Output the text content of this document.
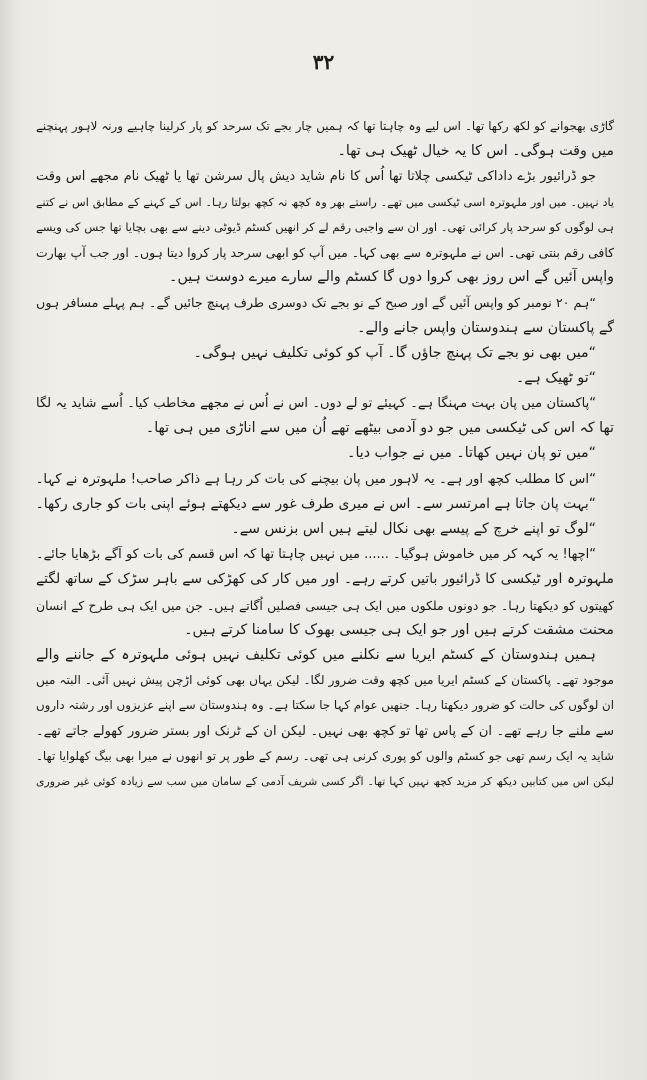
۳۲
گاڑی بھجوانے کو لکھ رکھا تھا۔ اس لیے وہ چاہتا تھا کہ ہمیں چار بجے تک سرحد کو پار کرلینا چاہیے ورنہ لاہور پہنچنے
میں وقت ہوگی۔ اس کا یہ خیال ٹھیک ہی تھا۔
جو ڈرائیور بڑے داداکی ٹیکسی چلاتا تھا اُس کا نام شاید دیش پال سرشن تھا یا ٹھیک نام مجھے اس وقت
یاد نہیں۔ میں اور ملہوترہ اسی ٹیکسی میں تھے۔ راستے بھر وہ کچھ نہ کچھ بولتا رہا۔ اس کے کہنے کے مطابق اس نے کتنے
ہی لوگوں کو سرحد پار کرائی تھی۔ اور ان سے واجبی رقم لے کر انھیں کسٹم ڈیوٹی دینے سے بھی بچایا تھا جس کی ویسے
کافی رقم بنتی تھی۔ اس نے ملہوترہ سے بھی کہا۔ میں آپ کو ابھی سرحد پار کروا دیتا ہوں۔ اور جب آپ بھارت
واپس آئیں گے اس روز بھی کروا دوں گا کسٹم والے سارے میرے دوست ہیں۔
“ہم ۲۰ نومبر کو واپس آئیں گے اور صبح کے نو بجے تک دوسری طرف پہنچ جائیں گے۔ ہم پہلے مسافر ہوں
گے پاکستان سے ہندوستان واپس جانے والے۔
“میں بھی نو بجے تک پہنچ جاؤں گا۔ آپ کو کوئی تکلیف نہیں ہوگی۔
“تو ٹھیک ہے۔
“پاکستان میں پان بہت مہنگا ہے۔ کہیئے تو لے دوں۔ اس نے اُس نے مجھے مخاطب کیا۔ اُسے شاید یہ لگا
تھا کہ اس کی ٹیکسی میں جو دو آدمی بیٹھے تھے اُن میں سے اناڑی میں ہی تھا۔
“میں تو پان نہیں کھاتا۔ میں نے جواب دیا۔
“اس کا مطلب کچھ اور ہے۔ یہ لاہور میں پان بیچنے کی بات کر رہا ہے ذاکر صاحب! ملہوترہ نے کہا۔
“بہت پان جاتا ہے امرتسر سے۔ اس نے میری طرف غور سے دیکھتے ہوئے اپنی بات کو جاری رکھا۔
“لوگ تو اپنے خرچ کے پیسے بھی نکال لیتے ہیں اس بزنس سے۔
“اچھا! یہ کہہ کر میں خاموش ہوگیا۔ ...... میں نہیں چاہتا تھا کہ اس قسم کی بات کو آگے بڑھایا جائے۔
ملہوترہ اور ٹیکسی کا ڈرائیور باتیں کرتے رہے۔ اور میں کار کی کھڑکی سے باہر سڑک کے ساتھ لگتے
کھیتوں کو دیکھتا رہا۔ جو دونوں ملکوں میں ایک ہی جیسی فصلیں اُگاتے ہیں۔ جن میں ایک ہی طرح کے انسان
محنت مشقت کرتے ہیں اور جو ایک ہی جیسی بھوک کا سامنا کرتے ہیں۔
ہمیں ہندوستان کے کسٹم ایریا سے نکلنے میں کوئی تکلیف نہیں ہوئی ملہوترہ کے جاننے والے
موجود تھے۔ پاکستان کے کسٹم ایریا میں کچھ وقت ضرور لگا۔ لیکن یہاں بھی کوئی اڑچن پیش نہیں آئی۔ البتہ میں
ان لوگوں کی حالت کو ضرور دیکھتا رہا۔ جنھیں عوام کہا جا سکتا ہے۔ وہ ہندوستان سے اپنے عزیزوں اور رشتہ داروں
سے ملنے جا رہے تھے۔ ان کے پاس تھا تو کچھ بھی نہیں۔ لیکن ان کے ٹرنک اور بستر ضرور کھولے جاتے تھے۔
شاید یہ ایک رسم تھی جو کسٹم والوں کو پوری کرنی ہی تھی۔ رسم کے طور پر تو انھوں نے میرا بھی بیگ کھلوایا تھا۔
لیکن اس میں کتابیں دیکھ کر مزید کچھ نہیں کہا تھا۔ اگر کسی شریف آدمی کے سامان میں سب سے زیادہ کوئی غیر ضروری
